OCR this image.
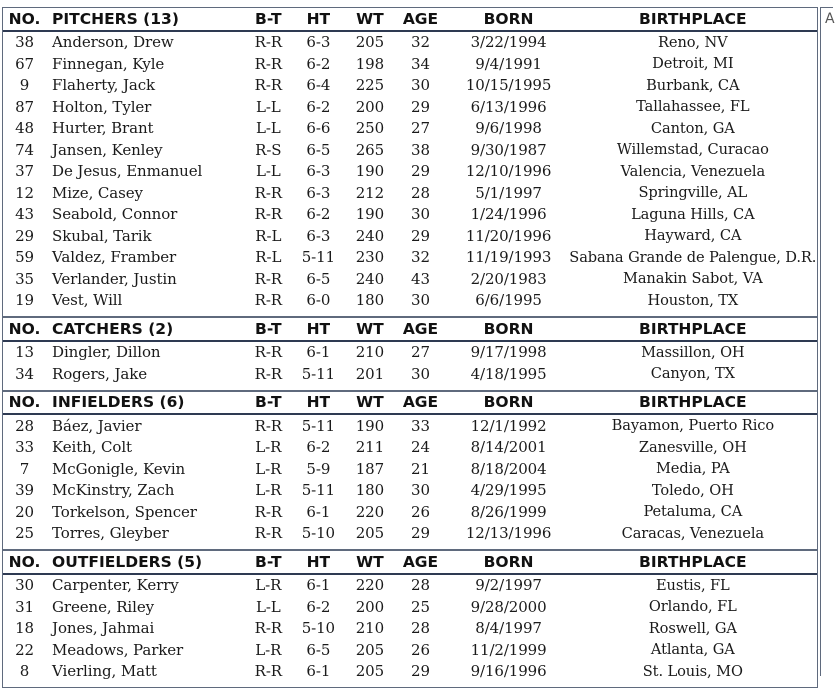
NO.	PITCHERS (13)	B-T	HT	WT	AGE	BORN	BIRTHPLACE
38	Anderson, Drew	R-R	6-3	205	32	3/22/1994	Reno, NV
67	Finnegan, Kyle	R-R	6-2	198	34	9/4/1991	Detroit, MI
9	Flaherty, Jack	R-R	6-4	225	30	10/15/1995	Burbank, CA
87	Holton, Tyler	L-L	6-2	200	29	6/13/1996	Tallahassee, FL
48	Hurter, Brant	L-L	6-6	250	27	9/6/1998	Canton, GA
74	Jansen, Kenley	R-S	6-5	265	38	9/30/1987	Willemstad, Curacao
37	De Jesus, Enmanuel	L-L	6-3	190	29	12/10/1996	Valencia, Venezuela
12	Mize, Casey	R-R	6-3	212	28	5/1/1997	Springville, AL
43	Seabold, Connor	R-R	6-2	190	30	1/24/1996	Laguna Hills, CA
29	Skubal, Tarik	R-L	6-3	240	29	11/20/1996	Hayward, CA
59	Valdez, Framber	R-L	5-11	230	32	11/19/1993	Sabana Grande de Palengue, D.R.
35	Verlander, Justin	R-R	6-5	240	43	2/20/1983	Manakin Sabot, VA
19	Vest, Will	R-R	6-0	180	30	6/6/1995	Houston, TX
NO.	CATCHERS (2)	B-T	HT	WT	AGE	BORN	BIRTHPLACE
13	Dingler, Dillon	R-R	6-1	210	27	9/17/1998	Massillon, OH
34	Rogers, Jake	R-R	5-11	201	30	4/18/1995	Canyon, TX
NO.	INFIELDERS (6)	B-T	HT	WT	AGE	BORN	BIRTHPLACE
28	Báez, Javier	R-R	5-11	190	33	12/1/1992	Bayamon, Puerto Rico
33	Keith, Colt	L-R	6-2	211	24	8/14/2001	Zanesville, OH
7	McGonigle, Kevin	L-R	5-9	187	21	8/18/2004	Media, PA
39	McKinstry, Zach	L-R	5-11	180	30	4/29/1995	Toledo, OH
20	Torkelson, Spencer	R-R	6-1	220	26	8/26/1999	Petaluma, CA
25	Torres, Gleyber	R-R	5-10	205	29	12/13/1996	Caracas, Venezuela
NO.	OUTFIELDERS (5)	B-T	HT	WT	AGE	BORN	BIRTHPLACE
30	Carpenter, Kerry	L-R	6-1	220	28	9/2/1997	Eustis, FL
31	Greene, Riley	L-L	6-2	200	25	9/28/2000	Orlando, FL
18	Jones, Jahmai	R-R	5-10	210	28	8/4/1997	Roswell, GA
22	Meadows, Parker	L-R	6-5	205	26	11/2/1999	Atlanta, GA
8	Vierling, Matt	R-R	6-1	205	29	9/16/1996	St. Louis, MO
A
